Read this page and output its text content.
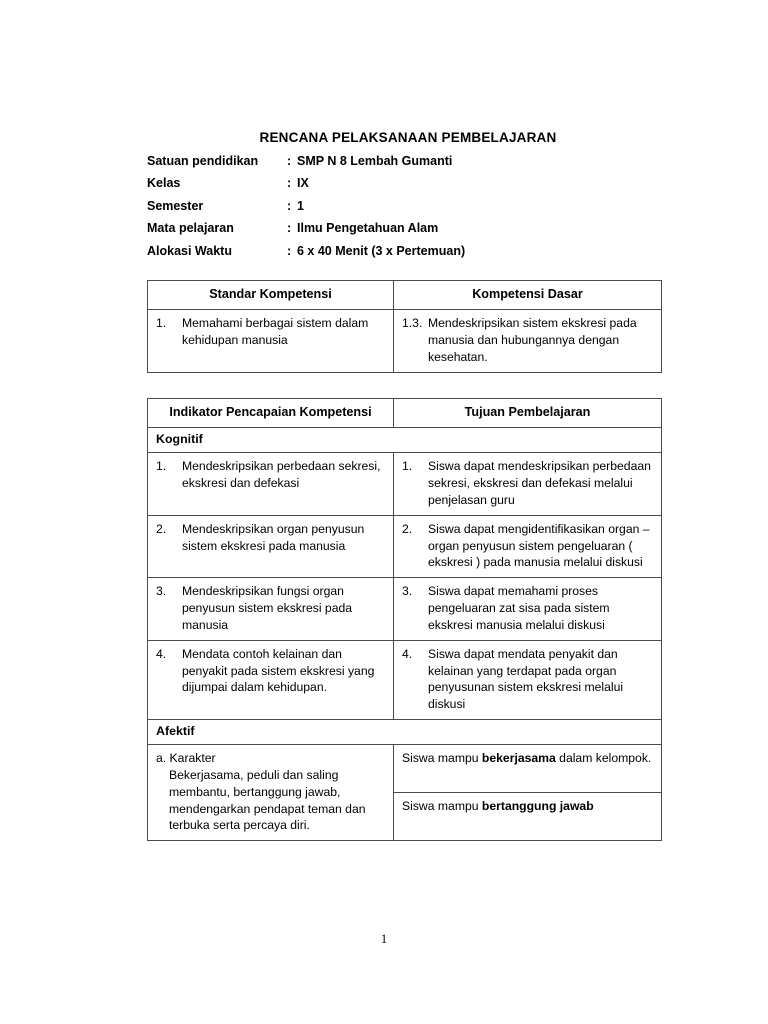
RENCANA PELAKSANAAN PEMBELAJARAN
Satuan pendidikan	:	SMP N 8 Lembah Gumanti
Kelas	:	IX
Semester	:	1
Mata pelajaran	:	Ilmu Pengetahuan Alam
Alokasi Waktu	:	6 x 40 Menit (3 x Pertemuan)
Standar Kompetensi	Kompetensi Dasar

1. Memahami berbagai sistem dalam kehidupan manusia	1.3. Mendeskripsikan sistem ekskresi pada manusia dan hubungannya dengan kesehatan.
Indikator Pencapaian Kompetensi	Tujuan Pembelajaran
Kognitif	

1. Mendeskripsikan perbedaan sekresi, ekskresi dan defekasi	1. Siswa dapat mendeskripsikan perbedaan sekresi, ekskresi dan defekasi melalui penjelasan guru

2. Mendeskripsikan organ penyusun sistem ekskresi pada manusia	2. Siswa dapat mengidentifikasikan organ – organ penyusun sistem pengeluaran ( ekskresi ) pada manusia melalui diskusi

3. Mendeskripsikan fungsi organ penyusun sistem ekskresi pada manusia	3. Siswa dapat memahami proses pengeluaran zat sisa pada sistem ekskresi manusia melalui diskusi

4. Mendata contoh kelainan dan penyakit pada sistem ekskresi yang dijumpai dalam kehidupan.	4. Siswa dapat mendata penyakit dan kelainan yang terdapat pada organ penyusunan sistem ekskresi melalui diskusi

Afektif	

a. Karakter
Bekerjasama, peduli dan saling membantu, bertanggung jawab, mendengarkan pendapat teman dan terbuka serta percaya diri.	Siswa mampu bekerjasama dalam kelompok.
	Siswa mampu bertanggung jawab
1
